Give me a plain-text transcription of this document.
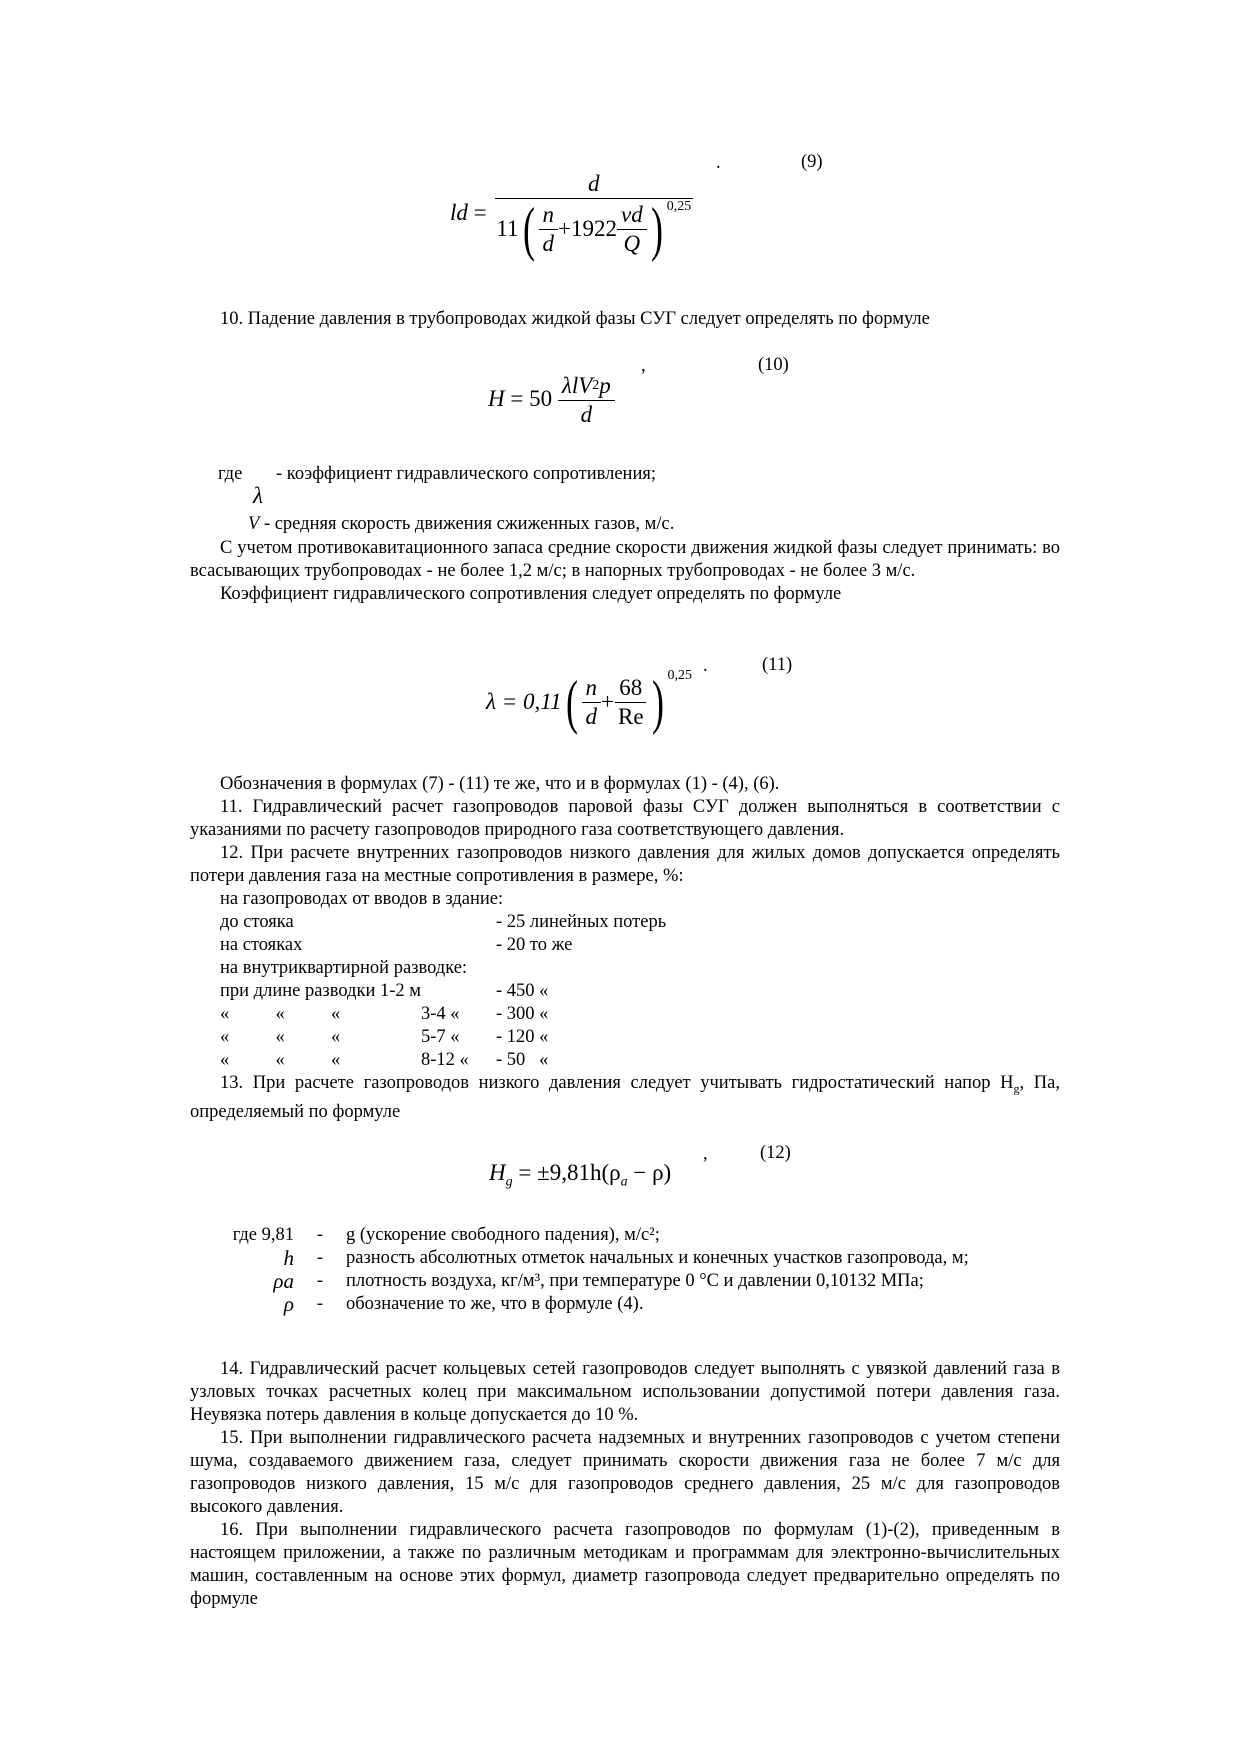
ld = $\frac{d}{11 ( \frac{n}{d} +1922 \frac{vd}{Q} ) 0,25}$
.	(9)

10. Падение давления в трубопроводах жидкой фазы СУГ следует определять по формуле

$H = 50 \frac{\lambda lV^2p}{d}$
,	(10)
где
λ
- коэффициент гидравлического сопротивления;
V - средняя скорость движения сжиженных газов, м/с.

С учетом противокавитационного запаса средние скорости движения жидкой фазы следует принимать: во всасывающих трубопроводах - не более 1,2 м/с; в напорных трубопроводах - не более 3 м/с.

Коэффициент гидравлического сопротивления следует определять по формуле

λ = 0,11 ( $\frac{n}{d} + \frac{68}{Re}$ ) 0,25 .	(11)

Обозначения в формулах (7) - (11) те же, что и в формулах (1) - (4), (6).

11. Гидравлический расчет газопроводов паровой фазы СУГ должен выполняться в соответствии с указаниями по расчету газопроводов природного газа соответствующего давления.

12. При расчете внутренних газопроводов низкого давления для жилых домов допускается определять потери давления газа на местные сопротивления в размере, %:

на газопроводах от вводов в здание:		
до стояка		- 25 линейных потерь
на стояках		- 20 то же
на внутриквартирной разводке:		
при длине разводки 1-2 м		- 450 «
«          «          «	3-4 «	- 300 «
«          «          «	5-7 «	- 120 «
«          «          «	8-12 «	- 50   «

13. При расчете газопроводов низкого давления следует учитывать гидростатический напор $H_g$, Па, определяемый по формуле

$H_g = \pm 9,81h(\rho_a - \rho)$
,	(12)
где 9,81	-	g (ускорение свободного падения), м/с²;
h	-	разность абсолютных отметок начальных и конечных участков газопровода, м;
ρa	-	плотность воздуха, кг/м³, при температуре 0 °С и давлении 0,10132 МПа;
ρ	-	обозначение то же, что в формуле (4).

14. Гидравлический расчет кольцевых сетей газопроводов следует выполнять с увязкой давлений газа в узловых точках расчетных колец при максимальном использовании допустимой потери давления газа. Неувязка потерь давления в кольце допускается до 10 %.

15. При выполнении гидравлического расчета надземных и внутренних газопроводов с учетом степени шума, создаваемого движением газа, следует принимать скорости движения газа не более 7 м/с для газопроводов низкого давления, 15 м/с для газопроводов среднего давления, 25 м/с для газопроводов высокого давления.

16. При выполнении гидравлического расчета газопроводов по формулам (1)-(2), приведенным в настоящем приложении, а также по различным методикам и программам для электронно-вычислительных машин, составленным на основе этих формул, диаметр газопровода следует предварительно определять по формуле
